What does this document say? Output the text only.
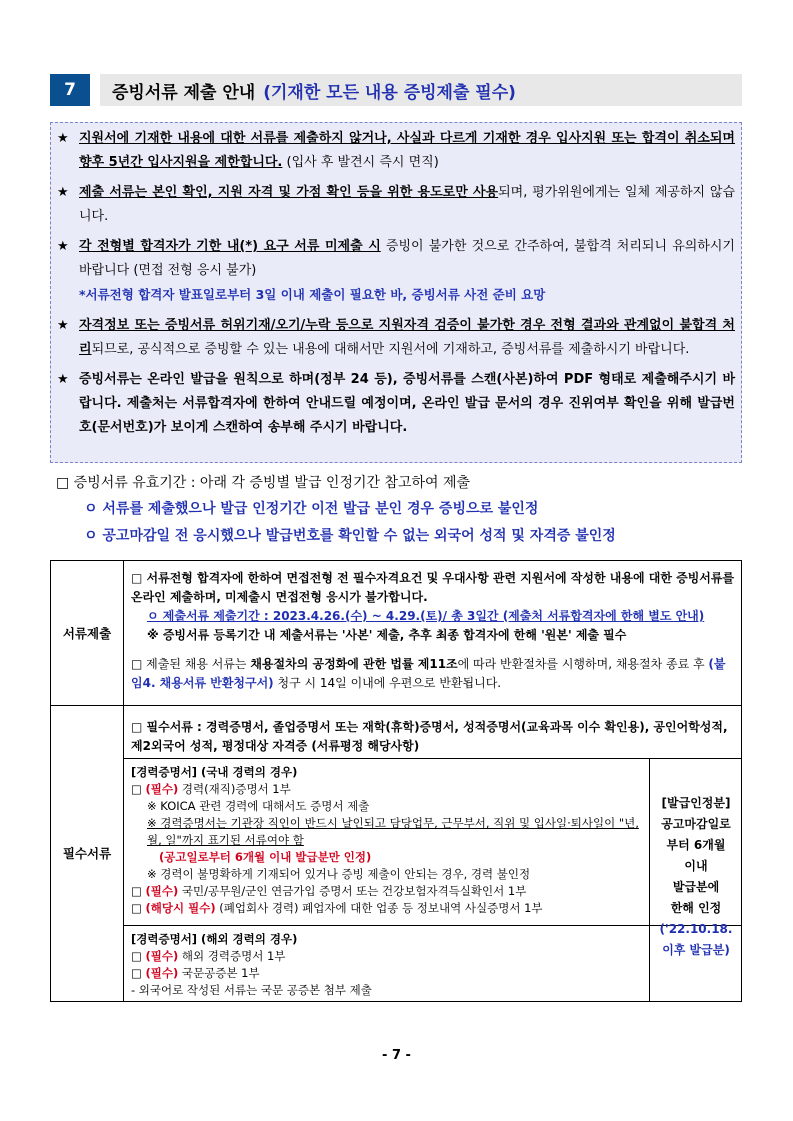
7	증빙서류 제출 안내 (기재한 모든 내용 증빙제출 필수)
★ 지원서에 기재한 내용에 대한 서류를 제출하지 않거나, 사실과 다르게 기재한 경우 입사지원 또는 합격이 취소되며 향후 5년간 입사지원을 제한합니다. (입사 후 발견시 즉시 면직)
★ 제출 서류는 본인 확인, 지원 자격 및 가점 확인 등을 위한 용도로만 사용되며, 평가위원에게는 일체 제공하지 않습니다.
★ 각 전형별 합격자가 기한 내(*) 요구 서류 미제출 시 증빙이 불가한 것으로 간주하여, 불합격 처리되니 유의하시기 바랍니다 (면접 전형 응시 불가)
*서류전형 합격자 발표일로부터 3일 이내 제출이 필요한 바, 증빙서류 사전 준비 요망
★ 자격정보 또는 증빙서류 허위기재/오기/누락 등으로 지원자격 검증이 불가한 경우 전형 결과와 관계없이 불합격 처리되므로, 공식적으로 증빙할 수 있는 내용에 대해서만 지원서에 기재하고, 증빙서류를 제출하시기 바랍니다.
★ 증빙서류는 온라인 발급을 원칙으로 하며(정부 24 등), 증빙서류를 스캔(사본)하여 PDF 형태로 제출해주시기 바랍니다. 제출처는 서류합격자에 한하여 안내드릴 예정이며, 온라인 발급 문서의 경우 진위여부 확인을 위해 발급번호(문서번호)가 보이게 스캔하여 송부해 주시기 바랍니다.
□ 증빙서류 유효기간 : 아래 각 증빙별 발급 인정기간 참고하여 제출
ㅇ 서류를 제출했으나 발급 인정기간 이전 발급 분인 경우 증빙으로 불인정
ㅇ 공고마감일 전 응시했으나 발급번호를 확인할 수 없는 외국어 성적 및 자격증 불인정
서류제출
필수서류

□ 서류전형 합격자에 한하여 면접전형 전 필수자격요건 및 우대사항 관련 지원서에 작성한 내용에 대한 증빙서류를 온라인 제출하며, 미제출시 면접전형 응시가 불가합니다.

ㅇ 제출서류 제출기간 : 2023.4.26.(수) ~ 4.29.(토)/ 총 3일간 (제출처 서류합격자에 한해 별도 안내)

※ 증빙서류 등록기간 내 제출서류는 '사본' 제출, 추후 최종 합격자에 한해 '원본' 제출 필수

□ 제출된 채용 서류는 채용절차의 공정화에 관한 법률 제11조에 따라 반환절차를 시행하며, 채용절차 종료 후 (붙임4. 채용서류 반환청구서) 청구 시 14일 이내에 우편으로 반환됩니다.

□ 필수서류 : 경력증명서, 졸업증명서 또는 재학(휴학)증명서, 성적증명서(교육과목 이수 확인용), 공인어학성적, 제2외국어 성적, 평정대상 자격증 (서류평정 해당사항)

[경력증명서] (국내 경력의 경우)

□ (필수) 경력(재직)증명서 1부

※ KOICA 관련 경력에 대해서도 증명서 제출

※ 경력증명서는 기관장 직인이 반드시 날인되고 담당업무, 근무부서, 직위 및 입사일·퇴사일이 "년, 월, 일"까지 표기된 서류여야 함

(공고일로부터 6개월 이내 발급분만 인정)

※ 경력이 불명확하게 기재되어 있거나 증빙 제출이 안되는 경우, 경력 불인정

□ (필수) 국민/공무원/군인 연금가입 증명서 또는 건강보험자격득실확인서 1부

□ (해당시 필수) (폐업회사 경력) 폐업자에 대한 업종 등 정보내역 사실증명서 1부

[경력증명서] (해외 경력의 경우)

□ (필수) 해외 경력증명서 1부

□ (필수) 국문공증본 1부

- 외국어로 작성된 서류는 국문 공증본 첨부 제출

[발급인정분]
공고마감일로
부터 6개월
이내
발급분에
한해 인정
('22.10.18.
이후 발급분)
- 7 -
